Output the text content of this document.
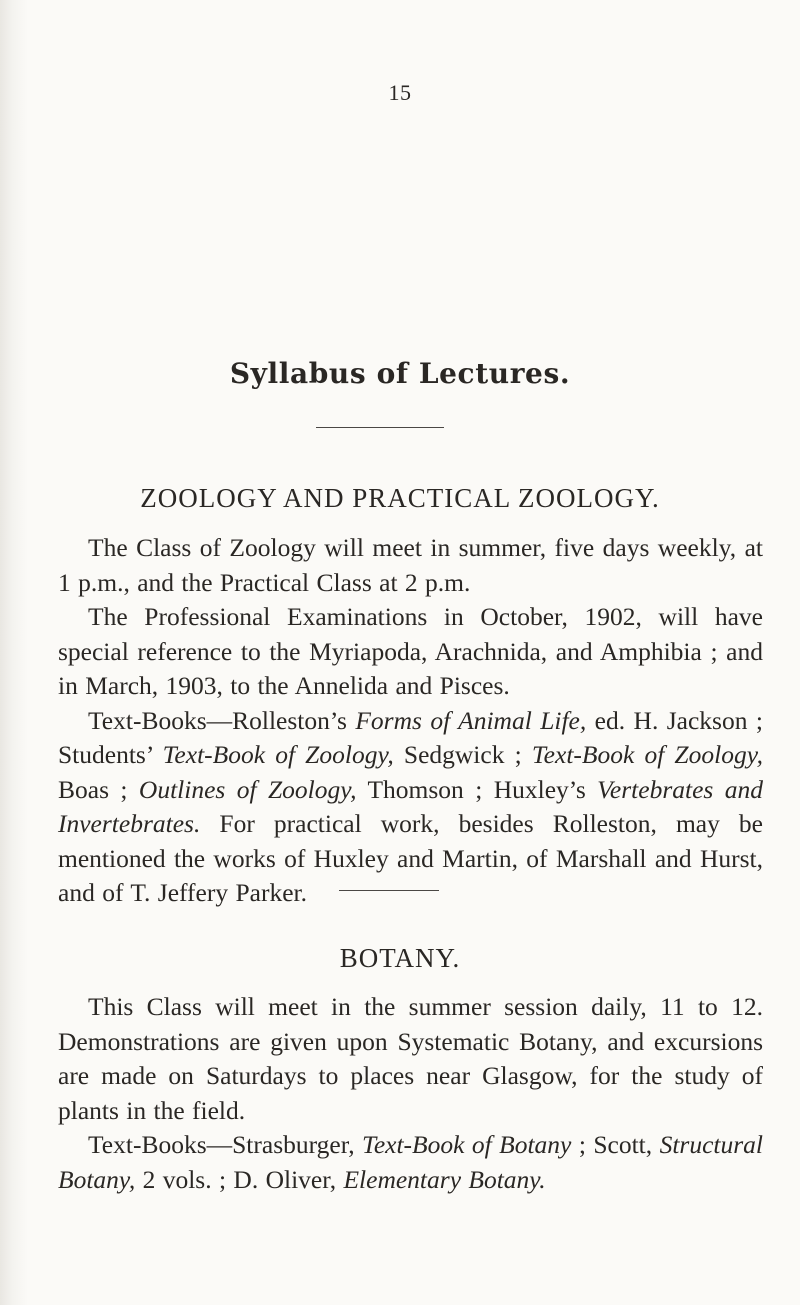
15
Syllabus of Lectures.
ZOOLOGY AND PRACTICAL ZOOLOGY.

The Class of Zoology will meet in summer, five days weekly, at 1 p.m., and the Practical Class at 2 p.m.

The Professional Examinations in October, 1902, will have special reference to the Myriapoda, Arachnida, and Amphibia ; and in March, 1903, to the Annelida and Pisces.

Text-Books—Rolleston’s Forms of Animal Life, ed. H. Jackson ; Students’ Text-Book of Zoology, Sedgwick ; Text-Book of Zoology, Boas ; Outlines of Zoology, Thomson ; Huxley’s Vertebrates and Invertebrates. For practical work, besides Rolleston, may be mentioned the works of Huxley and Martin, of Marshall and Hurst, and of T. Jeffery Parker.

BOTANY.

This Class will meet in the summer session daily, 11 to 12. Demonstrations are given upon Systematic Botany, and excursions are made on Saturdays to places near Glasgow, for the study of plants in the field.

Text-Books—Strasburger, Text-Book of Botany ; Scott, Structural Botany, 2 vols. ; D. Oliver, Elementary Botany.
